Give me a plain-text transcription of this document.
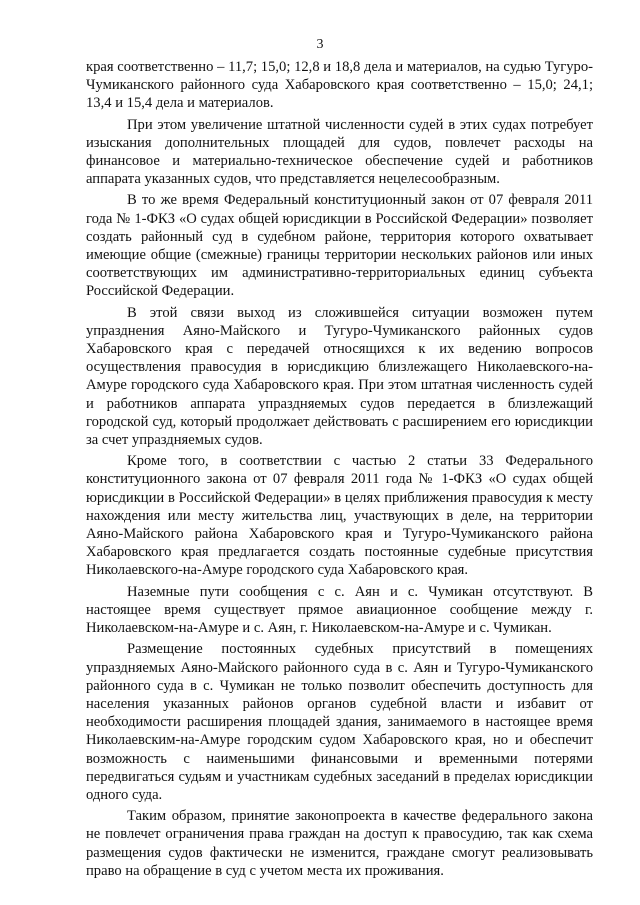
3

края соответственно – 11,7; 15,0; 12,8 и 18,8 дела и материалов, на судью Тугуро-Чумиканского районного суда Хабаровского края соответственно – 15,0; 24,1; 13,4 и 15,4 дела и материалов.

При этом увеличение штатной численности судей в этих судах потребует изыскания дополнительных площадей для судов, повлечет расходы на финансовое и материально-техническое обеспечение судей и работников аппарата указанных судов, что представляется нецелесообразным.

В то же время Федеральный конституционный закон от 07 февраля 2011 года № 1-ФКЗ «О судах общей юрисдикции в Российской Федерации» позволяет создать районный суд в судебном районе, территория которого охватывает имеющие общие (смежные) границы территории нескольких районов или иных соответствующих им административно-территориальных единиц субъекта Российской Федерации.

В этой связи выход из сложившейся ситуации возможен путем упразднения Аяно-Майского и Тугуро-Чумиканского районных судов Хабаровского края с передачей относящихся к их ведению вопросов осуществления правосудия в юрисдикцию близлежащего Николаевского-на-Амуре городского суда Хабаровского края. При этом штатная численность судей и работников аппарата упраздняемых судов передается в близлежащий городской суд, который продолжает действовать с расширением его юрисдикции за счет упраздняемых судов.

Кроме того, в соответствии с частью 2 статьи 33 Федерального конституционного закона от 07 февраля 2011 года № 1-ФКЗ «О судах общей юрисдикции в Российской Федерации» в целях приближения правосудия к месту нахождения или месту жительства лиц, участвующих в деле, на территории Аяно-Майского района Хабаровского края и Тугуро-Чумиканского района Хабаровского края предлагается создать постоянные судебные присутствия Николаевского-на-Амуре городского суда Хабаровского края.

Наземные пути сообщения с с. Аян и с. Чумикан отсутствуют. В настоящее время существует прямое авиационное сообщение между г. Николаевском-на-Амуре и с. Аян, г. Николаевском-на-Амуре и с. Чумикан.

Размещение постоянных судебных присутствий в помещениях упраздняемых Аяно-Майского районного суда в с. Аян и Тугуро-Чумиканского районного суда в с. Чумикан не только позволит обеспечить доступность для населения указанных районов органов судебной власти и избавит от необходимости расширения площадей здания, занимаемого в настоящее время Николаевским-на-Амуре городским судом Хабаровского края, но и обеспечит возможность с наименьшими финансовыми и временными потерями передвигаться судьям и участникам судебных заседаний в пределах юрисдикции одного суда.

Таким образом, принятие законопроекта в качестве федерального закона не повлечет ограничения права граждан на доступ к правосудию, так как схема размещения судов фактически не изменится, граждане смогут реализовывать право на обращение в суд с учетом места их проживания.
